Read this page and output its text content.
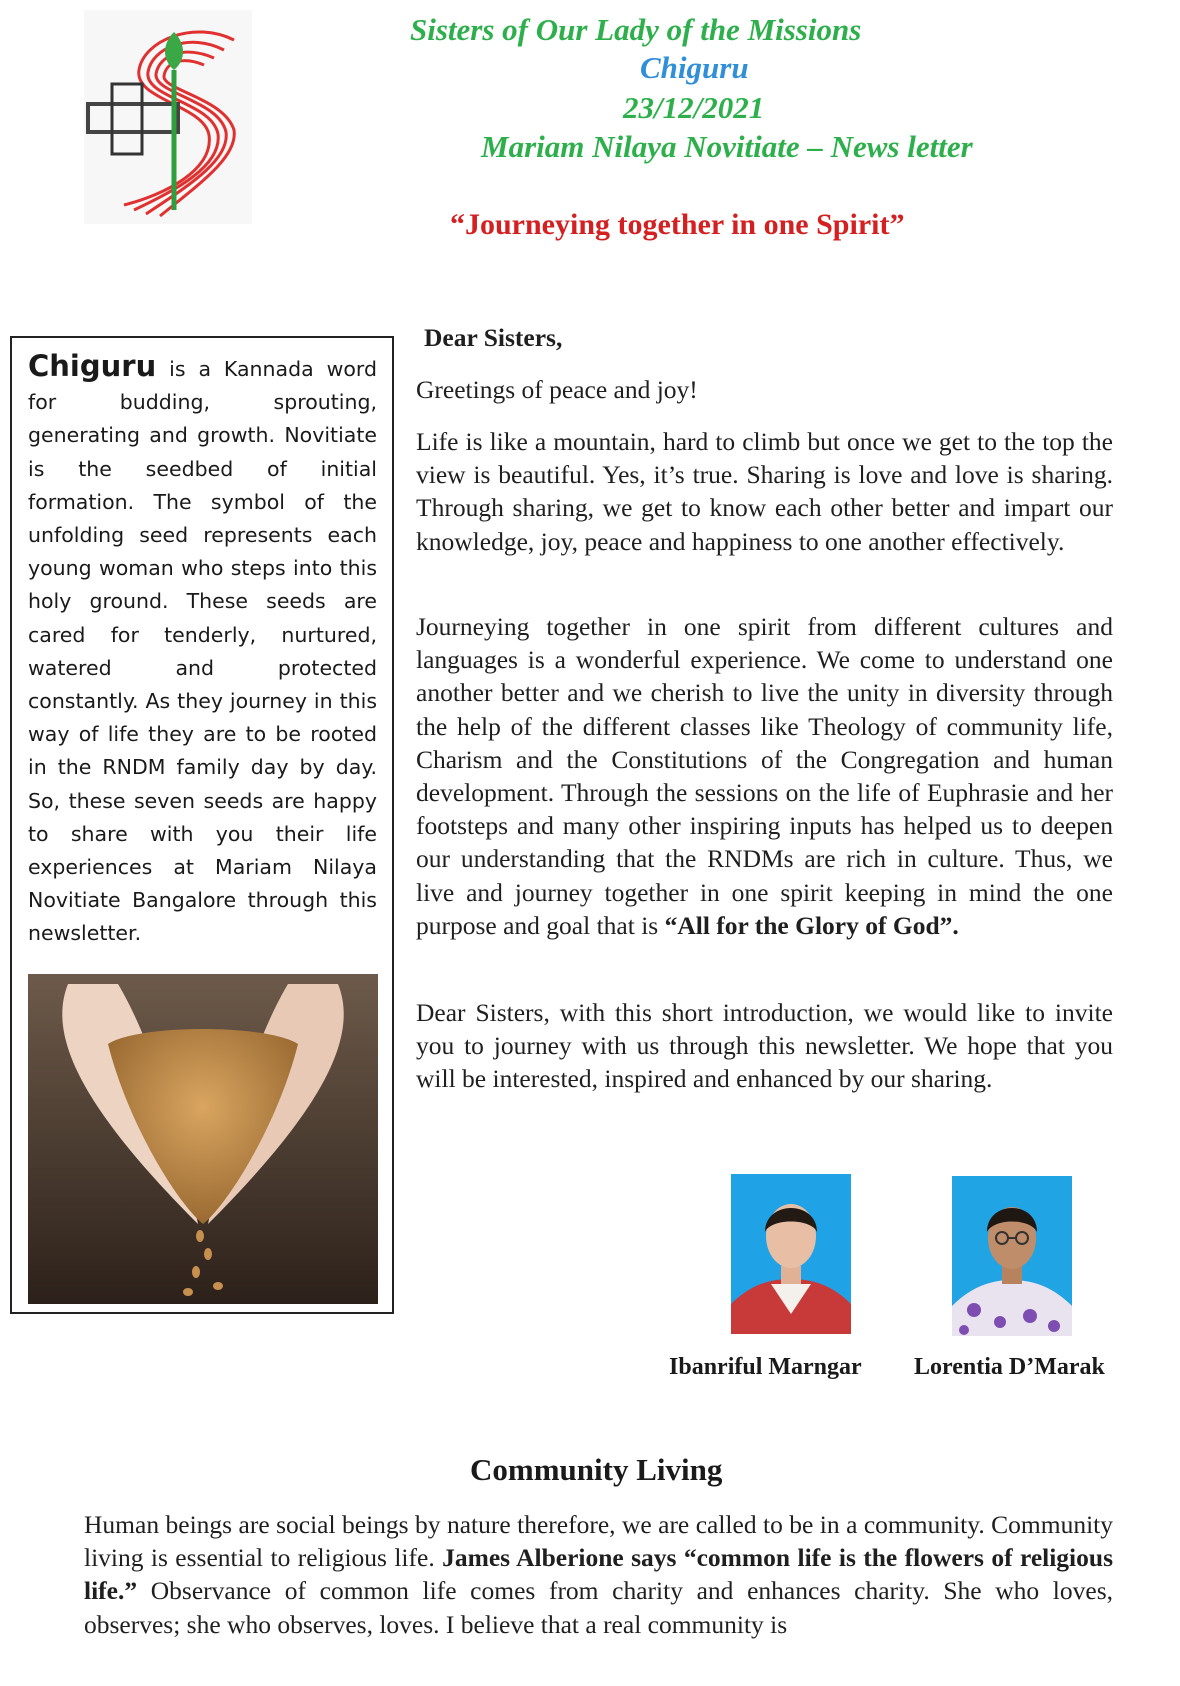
Sisters of Our Lady of the Missions
Chiguru
23/12/2021
Mariam Nilaya Novitiate – News letter
“Journeying together in one Spirit”
Chiguru is a Kannada word for budding, sprouting, generating and growth. Novitiate is the seedbed of initial formation. The symbol of the unfolding seed represents each young woman who steps into this holy ground. These seeds are cared for tenderly, nurtured, watered and protected constantly. As they journey in this way of life they are to be rooted in the RNDM family day by day. So, these seven seeds are happy to share with you their life experiences at Mariam Nilaya Novitiate Bangalore through this newsletter.
Dear Sisters,
Greetings of peace and joy!
Life is like a mountain, hard to climb but once we get to the top the view is beautiful. Yes, it’s true. Sharing is love and love is sharing. Through sharing, we get to know each other better and impart our knowledge, joy, peace and happiness to one another effectively.
Journeying together in one spirit from different cultures and languages is a wonderful experience. We come to understand one another better and we cherish to live the unity in diversity through the help of the different classes like Theology of community life, Charism and the Constitutions of the Congregation and human development. Through the sessions on the life of Euphrasie and her footsteps and many other inspiring inputs has helped us to deepen our understanding that the RNDMs are rich in culture. Thus, we live and journey together in one spirit keeping in mind the one purpose and goal that is “All for the Glory of God”.
Dear Sisters, with this short introduction, we would like to invite you to journey with us through this newsletter. We hope that you will be interested, inspired and enhanced by our sharing.
Ibanriful Marngar Lorentia D’Marak
Community Living
Human beings are social beings by nature therefore, we are called to be in a community. Community living is essential to religious life. James Alberione says “common life is the flowers of religious life.” Observance of common life comes from charity and enhances charity. She who loves, observes; she who observes, loves. I believe that a real community is
